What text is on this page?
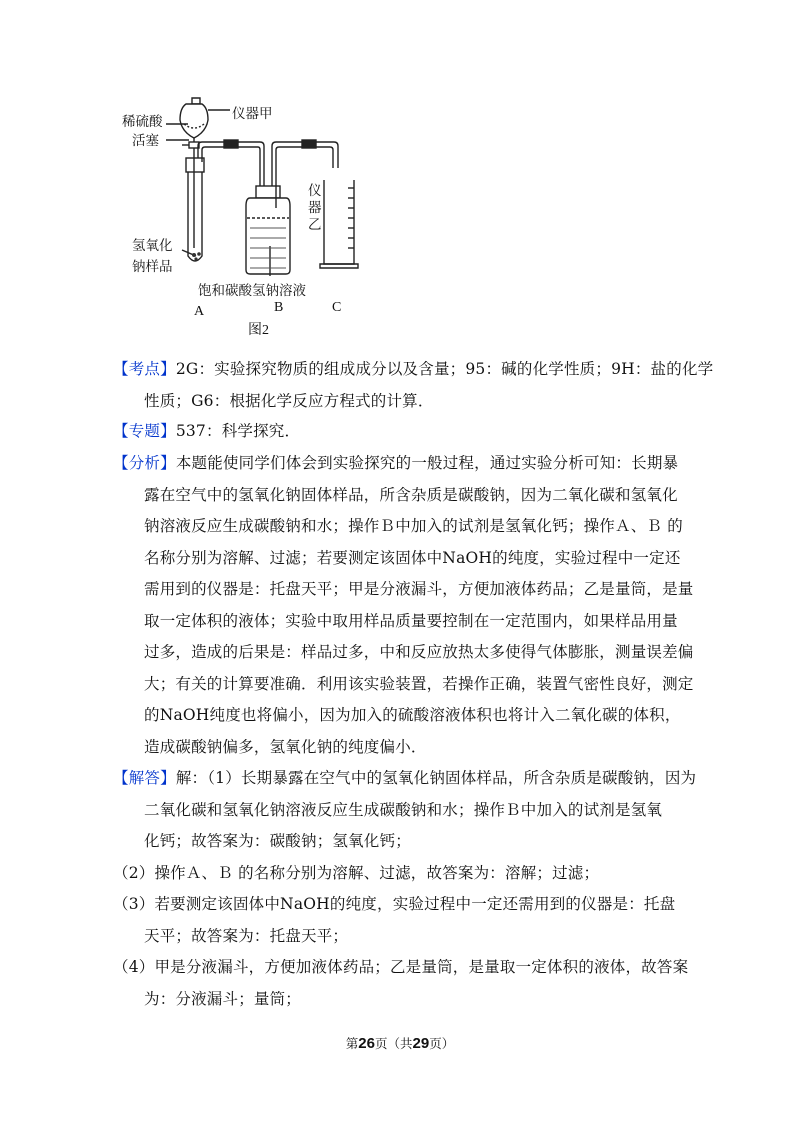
稀硫酸
活塞
仪器甲
氢氧化
钠样品
饱和碳酸氢钠溶液
仪器乙
A	B	C
图2
【考点】2G：实验探究物质的组成成分以及含量；95：碱的化学性质；9H：盐的化学
性质；G6：根据化学反应方程式的计算．
【专题】537：科学探究．
【分析】本题能使同学们体会到实验探究的一般过程，通过实验分析可知：长期暴
露在空气中的氢氧化钠固体样品，所含杂质是碳酸钠，因为二氧化碳和氢氧化
钠溶液反应生成碳酸钠和水；操作Ｂ中加入的试剂是氢氧化钙；操作Ａ、Ｂ 的
名称分别为溶解、过滤；若要测定该固体中NaOH的纯度，实验过程中一定还
需用到的仪器是：托盘天平；甲是分液漏斗，方便加液体药品；乙是量筒，是量
取一定体积的液体；实验中取用样品质量要控制在一定范围内，如果样品用量
过多，造成的后果是：样品过多，中和反应放热太多使得气体膨胀，测量误差偏
大；有关的计算要准确．利用该实验装置，若操作正确，装置气密性良好，测定
的NaOH纯度也将偏小，因为加入的硫酸溶液体积也将计入二氧化碳的体积，
造成碳酸钠偏多，氢氧化钠的纯度偏小．
【解答】解：（1）长期暴露在空气中的氢氧化钠固体样品，所含杂质是碳酸钠，因为
二氧化碳和氢氧化钠溶液反应生成碳酸钠和水；操作Ｂ中加入的试剂是氢氧
化钙；故答案为：碳酸钠；氢氧化钙；
（2）操作Ａ、Ｂ 的名称分别为溶解、过滤，故答案为：溶解；过滤；
（3）若要测定该固体中NaOH的纯度，实验过程中一定还需用到的仪器是：托盘
天平；故答案为：托盘天平；
（4）甲是分液漏斗，方便加液体药品；乙是量筒，是量取一定体积的液体，故答案
为：分液漏斗；量筒；
第26页（共29页）
